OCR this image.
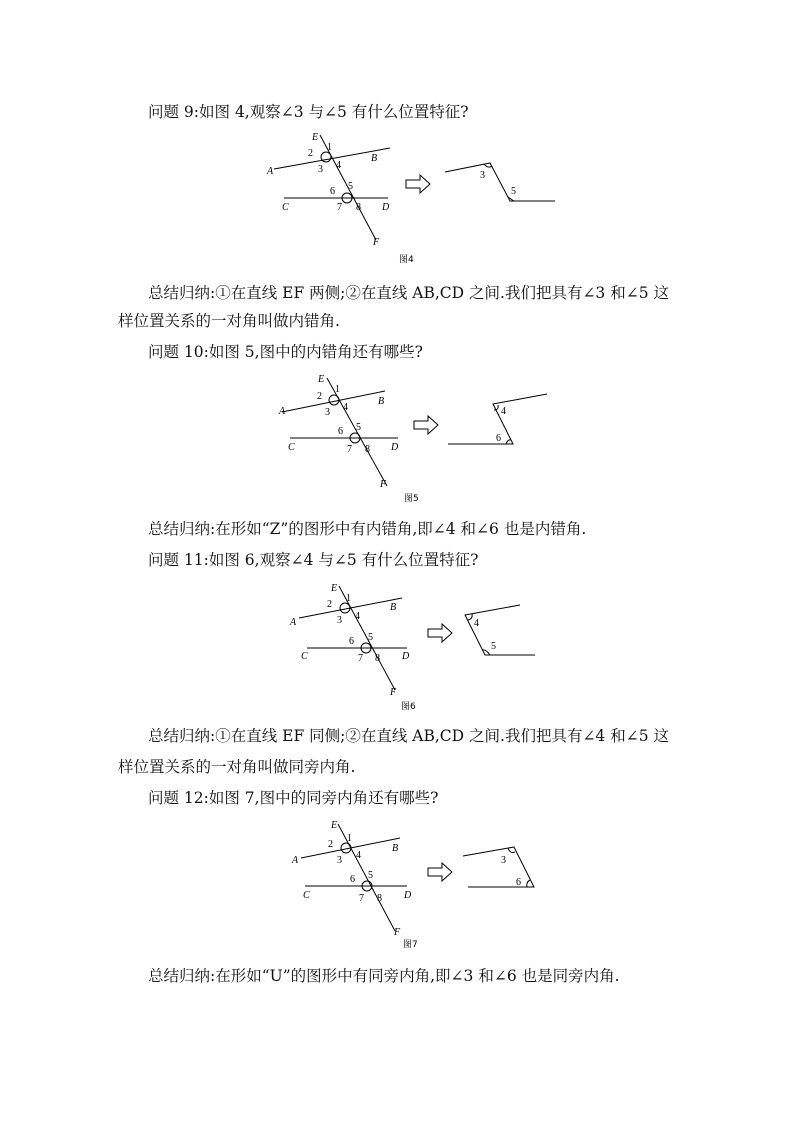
问题 9:如图 4,观察∠3 与∠5 有什么位置特征?
E
A
B
C	D
F
1
2
3 4
5
6
7 8
3
5
图4
总结归纳:①在直线 EF 两侧;②在直线 AB,CD 之间.我们把具有∠3 和∠5 这
样位置关系的一对角叫做内错角.
问题 10:如图 5,图中的内错角还有哪些?
E
A
B
C	D
F
1
2
3 4
5
6
7 8
4
6
图5
总结归纳:在形如“Z”的图形中有内错角,即∠4 和∠6 也是内错角.
问题 11:如图 6,观察∠4 与∠5 有什么位置特征?
E
A
B
C	D
F
1
2
3 4
5
6
7 8
4
5
图6
总结归纳:①在直线 EF 同侧;②在直线 AB,CD 之间.我们把具有∠4 和∠5 这
样位置关系的一对角叫做同旁内角.
问题 12:如图 7,图中的同旁内角还有哪些?
E
A
B
C	D
F
1
2
3 4
5
6
7 8
3
6
图7
总结归纳:在形如“U”的图形中有同旁内角,即∠3 和∠6 也是同旁内角.
